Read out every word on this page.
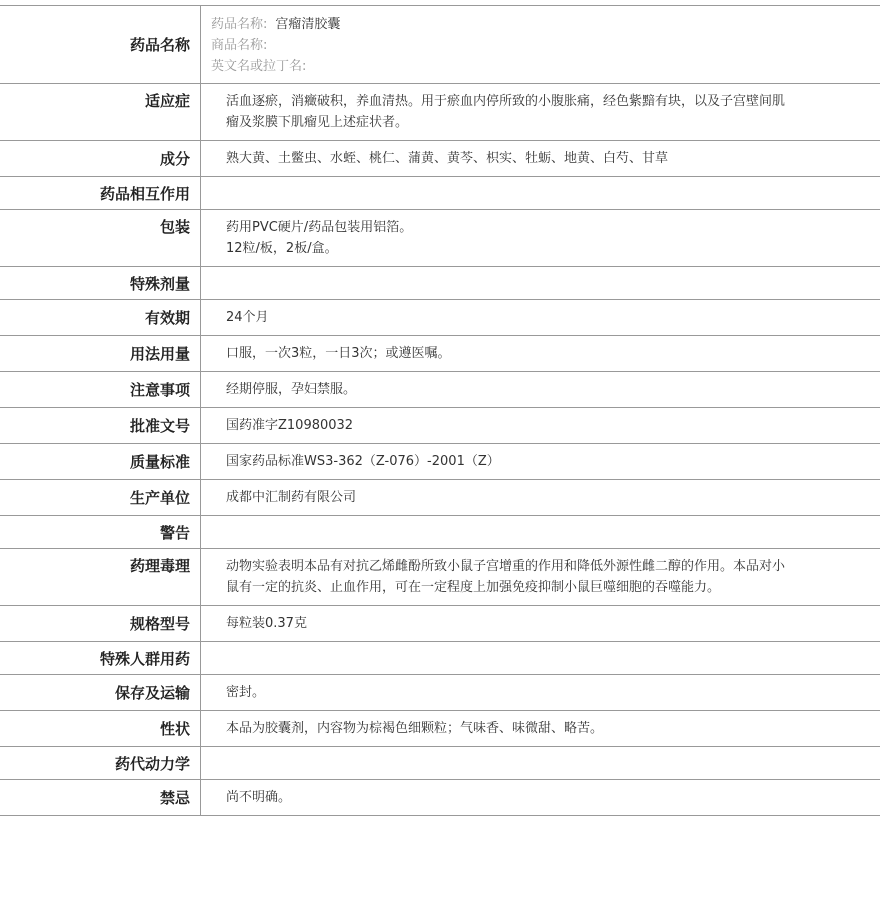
药品名称
药品名称: 宫瘤清胶囊
商品名称:
英文名或拉丁名:
适应症	活血逐瘀，消癥破积，养血清热。用于瘀血内停所致的小腹胀痛，经色紫黯有块，以及子宫壁间肌瘤及浆膜下肌瘤见上述症状者。
成分	熟大黄、土鳖虫、水蛭、桃仁、蒲黄、黄芩、枳实、牡蛎、地黄、白芍、甘草
药品相互作用
包装	药用PVC硬片/药品包装用铝箔。
12粒/板，2板/盒。
特殊剂量
有效期	24个月
用法用量	口服，一次3粒，一日3次；或遵医嘱。
注意事项	经期停服，孕妇禁服。
批准文号	国药准字Z10980032
质量标准	国家药品标准WS3-362（Z-076）-2001（Z）
生产单位	成都中汇制药有限公司
警告
药理毒理	动物实验表明本品有对抗乙烯雌酚所致小鼠子宫增重的作用和降低外源性雌二醇的作用。本品对小鼠有一定的抗炎、止血作用，可在一定程度上加强免疫抑制小鼠巨噬细胞的吞噬能力。
规格型号	每粒装0.37克
特殊人群用药
保存及运输	密封。
性状	本品为胶囊剂，内容物为棕褐色细颗粒；气味香、味微甜、略苦。
药代动力学
禁忌	尚不明确。
